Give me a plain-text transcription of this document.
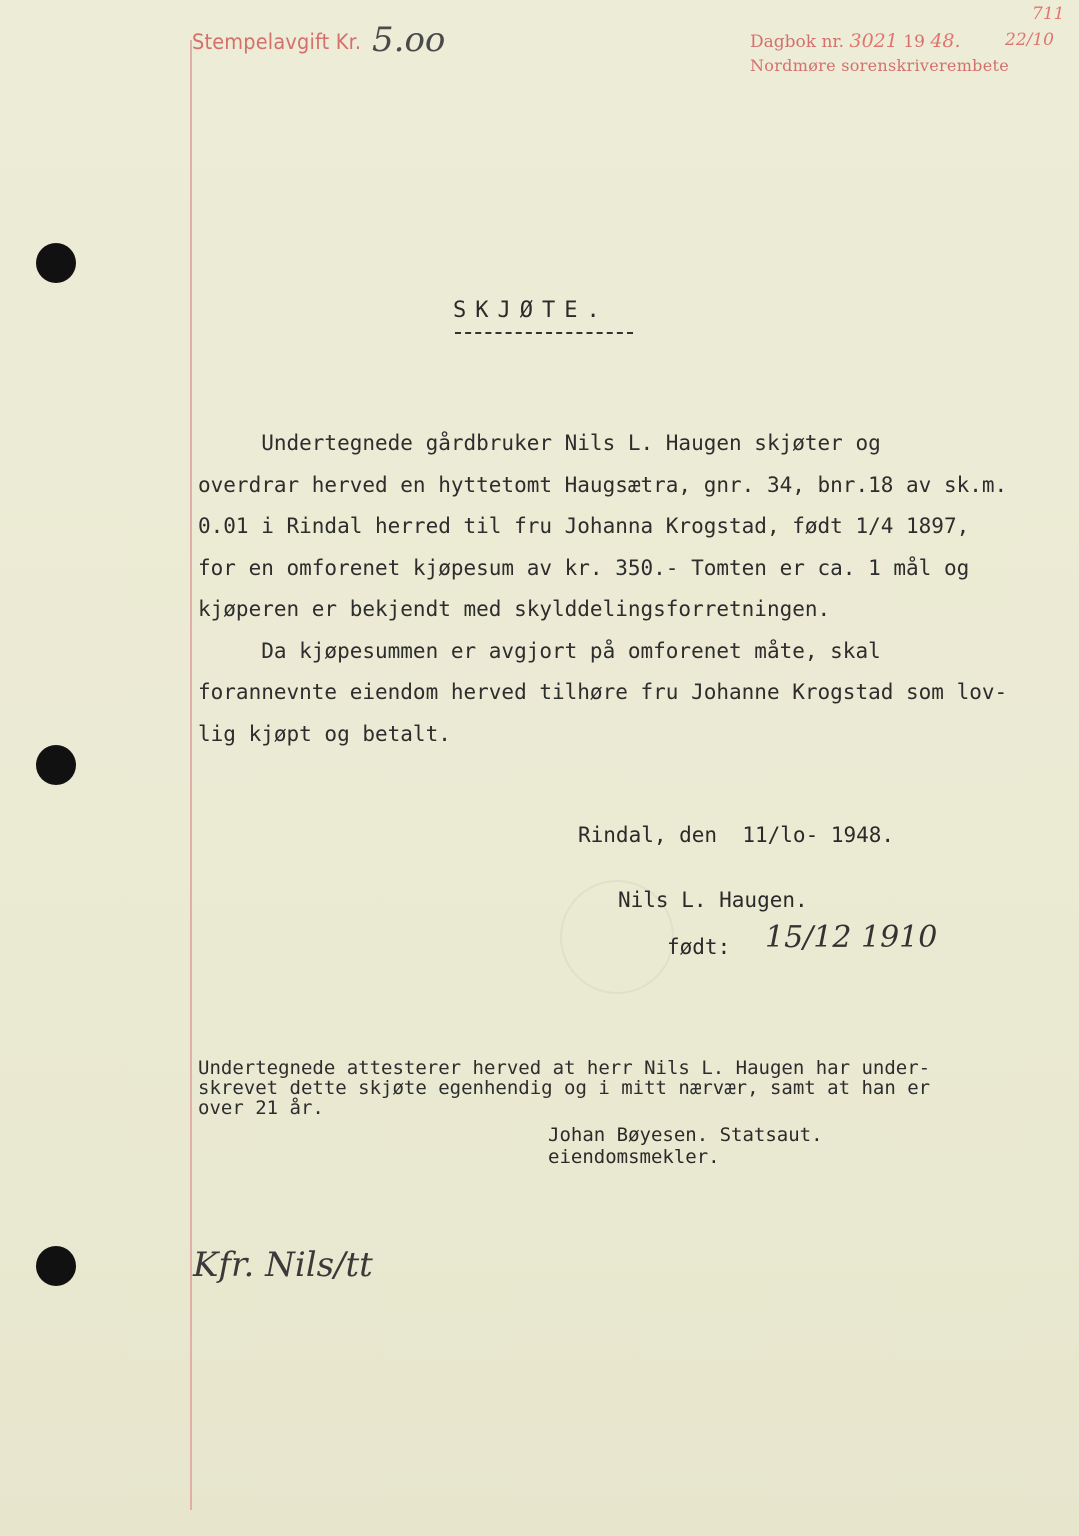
Stempelavgift Kr. 5.oo	Dagbok nr. 3021 19 48.
Nordmøre sorenskriverembete
711
22/10
SKJØTE.
Undertegnede gårdbruker Nils L. Haugen skjøter og
overdrar herved en hyttetomt Haugsætra, gnr. 34, bnr.18 av sk.m.
0.01 i Rindal herred til fru Johanna Krogstad, født 1/4 1897,
for en omforenet kjøpesum av kr. 350.- Tomten er ca. 1 mål og
kjøperen er bekjendt med skylddelingsforretningen.
Da kjøpesummen er avgjort på omforenet måte, skal
forannevnte eiendom herved tilhøre fru Johanne Krogstad som lov-
lig kjøpt og betalt.
Rindal, den  11/lo- 1948.
Nils L. Haugen.
født: 15/12 1910
Undertegnede attesterer herved at herr Nils L. Haugen har under-
skrevet dette skjøte egenhendig og i mitt nærvær, samt at han er
over 21 år.
Johan Bøyesen. Statsaut.
eiendomsmekler.
Kfr. Nils/tt
